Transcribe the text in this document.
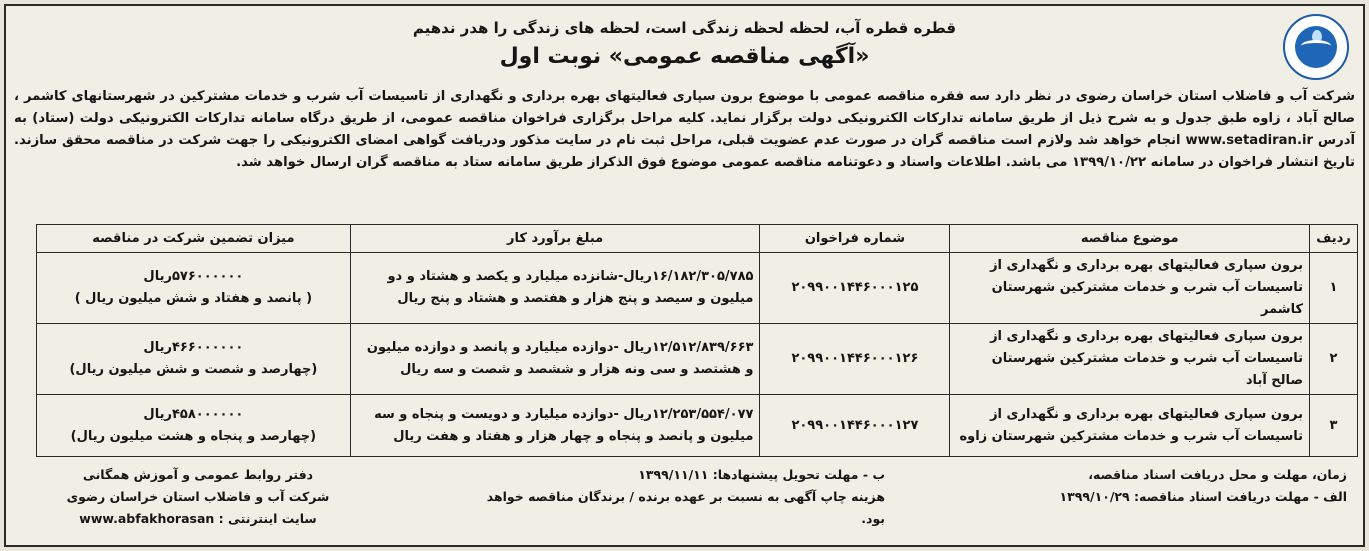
قطره قطره آب، لحظه لحظه زندگی است، لحظه های زندگی را هدر ندهیم
«آگهی مناقصه عمومی» نوبت اول
شرکت آب و فاضلاب استان خراسان رضوی در نظر دارد سه فقره مناقصه عمومی با موضوع برون سپاری فعالیتهای بهره برداری و نگهداری از تاسیسات آب شرب و خدمات مشترکین در شهرستانهای کاشمر ، صالح آباد ، زاوه طبق جدول و به شرح ذیل از طریق سامانه تدارکات الکترونیکی دولت برگزار نماید. کلیه مراحل برگزاری فراخوان مناقصه عمومی، از طریق درگاه سامانه تدارکات الکترونیکی دولت (ستاد) به آدرس www.setadiran.ir انجام خواهد شد ولازم است مناقصه گران در صورت عدم عضویت قبلی، مراحل ثبت نام در سایت مذکور ودریافت گواهی امضای الکترونیکی را جهت شرکت در مناقصه محقق سازند. تاریخ انتشار فراخوان در سامانه ۱۳۹۹/۱۰/۲۲ می باشد. اطلاعات واسناد و دعوتنامه مناقصه عمومی موضوع فوق الذکراز طریق سامانه ستاد به مناقصه گران ارسال خواهد شد.
ردیف	موضوع مناقصه	شماره فراخوان	مبلغ برآورد کار	میزان تضمین شرکت در مناقصه
۱	برون سپاری فعالیتهای بهره برداری و نگهداری از تاسیسات آب شرب و خدمات مشترکین شهرستان کاشمر	۲۰۹۹۰۰۱۴۴۶۰۰۰۱۲۵	۱۶/۱۸۲/۳۰۵/۷۸۵ریال-شانزده میلیارد و یکصد و هشتاد و دو میلیون و سیصد و پنج هزار و هفتصد و هشتاد و پنج ریال	۵۷۶۰۰۰۰۰۰ریال
( پانصد و هفتاد و شش میلیون ریال )

۲	برون سپاری فعالیتهای بهره برداری و نگهداری از تاسیسات آب شرب و خدمات مشترکین شهرستان صالح آباد	۲۰۹۹۰۰۱۴۴۶۰۰۰۱۲۶	۱۲/۵۱۲/۸۳۹/۶۶۳ریال -دوازده میلیارد و پانصد و دوازده میلیون و هشتصد و سی ونه هزار و ششصد و شصت و سه ریال	۴۶۶۰۰۰۰۰۰ریال
(چهارصد و شصت و شش میلیون ریال)

۳	برون سپاری فعالیتهای بهره برداری و نگهداری از تاسیسات آب شرب و خدمات مشترکین شهرستان زاوه	۲۰۹۹۰۰۱۴۴۶۰۰۰۱۲۷	۱۲/۲۵۳/۵۵۴/۰۷۷ریال -دوازده میلیارد و دویست و پنجاه و سه میلیون و پانصد و پنجاه و چهار هزار و هفتاد و هفت ریال	۴۵۸۰۰۰۰۰۰ریال
(چهارصد و پنجاه و هشت میلیون ریال)
زمان، مهلت و محل دریافت اسناد مناقصه،
الف - مهلت دریافت اسناد مناقصه: ۱۳۹۹/۱۰/۲۹
ب - مهلت تحویل پیشنهادها: ۱۳۹۹/۱۱/۱۱
هزینه چاپ آگهی به نسبت بر عهده برنده / برندگان مناقصه خواهد بود.
دفتر روابط عمومی و آموزش همگانی
شرکت آب و فاضلاب استان خراسان رضوی
سایت اینترنتی : www.abfakhorasan
